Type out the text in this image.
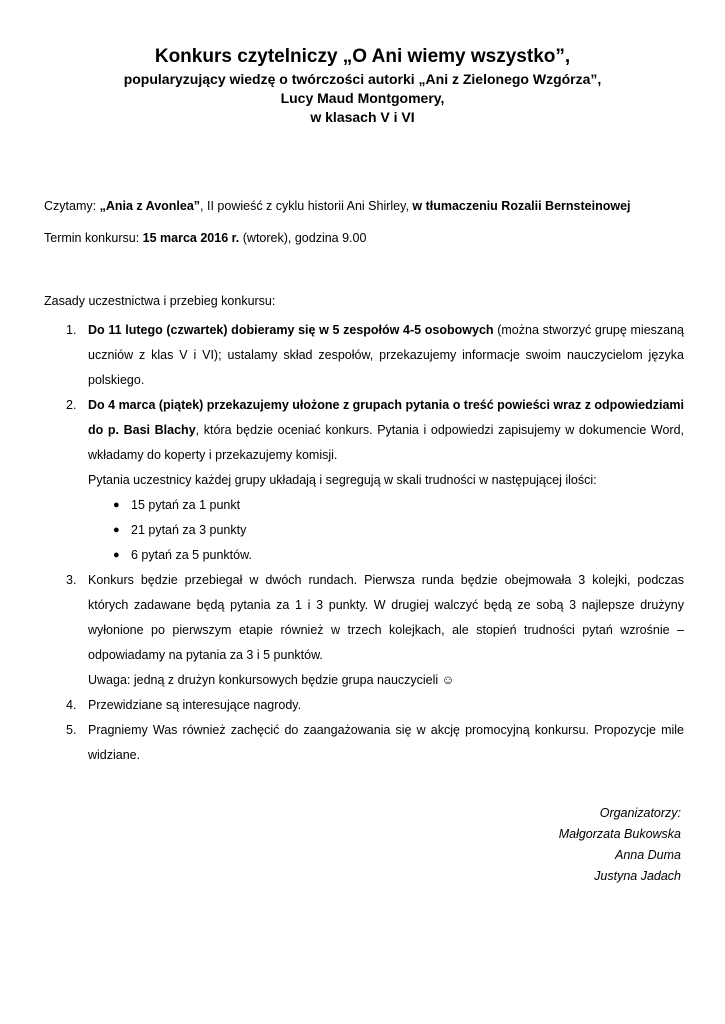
Konkurs czytelniczy „O Ani wiemy wszystko”,
popularyzujący wiedzę o twórczości autorki „Ani z Zielonego Wzgórza”,
Lucy Maud Montgomery,
w klasach V i VI
Czytamy: „Ania z Avonlea”, II powieść z cyklu historii Ani Shirley, w tłumaczeniu Rozalii Bernsteinowej
Termin konkursu: 15 marca 2016 r. (wtorek), godzina 9.00
Zasady uczestnictwa i przebieg konkursu:
1. Do 11 lutego (czwartek) dobieramy się w 5 zespołów 4-5 osobowych (można stworzyć grupę mieszaną uczniów z klas V i VI); ustalamy skład zespołów, przekazujemy informacje swoim nauczycielom języka polskiego.
2. Do 4 marca (piątek) przekazujemy ułożone z grupach pytania o treść powieści wraz z odpowiedziami do p. Basi Blachy, która będzie oceniać konkurs. Pytania i odpowiedzi zapisujemy w dokumencie Word, wkładamy do koperty i przekazujemy komisji.
Pytania uczestnicy każdej grupy układają i segregują w skali trudności w następującej ilości:
● 15 pytań za 1 punkt
● 21 pytań za 3 punkty
● 6 pytań za 5 punktów.
3. Konkurs będzie przebiegał w dwóch rundach. Pierwsza runda będzie obejmowała 3 kolejki, podczas których zadawane będą pytania za 1 i 3 punkty. W drugiej walczyć będą ze sobą 3 najlepsze drużyny wyłonione po pierwszym etapie również w trzech kolejkach, ale stopień trudności pytań wzrośnie – odpowiadamy na pytania za 3 i 5 punktów.
Uwaga: jedną z drużyn konkursowych będzie grupa nauczycieli ☺
4. Przewidziane są interesujące nagrody.
5. Pragniemy Was również zachęcić do zaangażowania się w akcję promocyjną konkursu. Propozycje mile widziane.
Organizatorzy:
Małgorzata Bukowska
Anna Duma
Justyna Jadach
